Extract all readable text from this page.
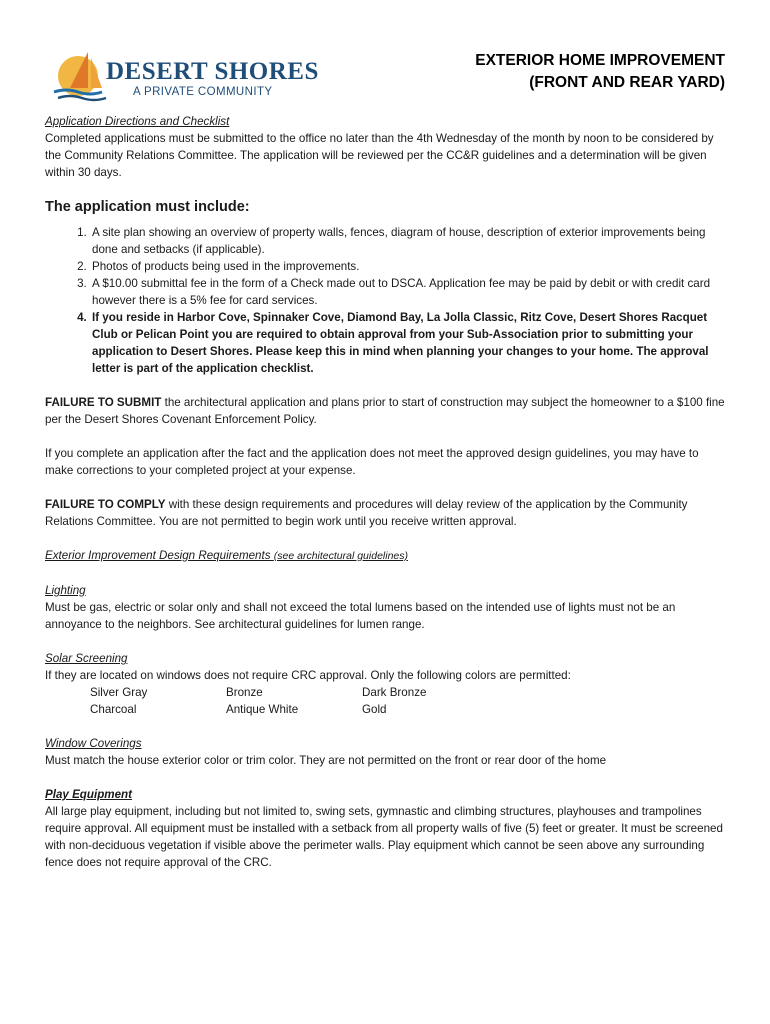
DESERT SHORES
A PRIVATE COMMUNITY
EXTERIOR HOME IMPROVEMENT
(FRONT AND REAR YARD)

Application Directions and Checklist

Completed applications must be submitted to the office no later than the 4th Wednesday of the month by noon to be considered by the Community Relations Committee. The application will be reviewed per the CC&R guidelines and a determination will be given within 30 days.

The application must include:
1. A site plan showing an overview of property walls, fences, diagram of house, description of exterior improvements being done and setbacks (if applicable).
2. Photos of products being used in the improvements.
3. A $10.00 submittal fee in the form of a Check made out to DSCA. Application fee may be paid by debit or with credit card however there is a 5% fee for card services.
4. If you reside in Harbor Cove, Spinnaker Cove, Diamond Bay, La Jolla Classic, Ritz Cove, Desert Shores Racquet Club or Pelican Point you are required to obtain approval from your Sub-Association prior to submitting your application to Desert Shores. Please keep this in mind when planning your changes to your home. The approval letter is part of the application checklist.

FAILURE TO SUBMIT the architectural application and plans prior to start of construction may subject the homeowner to a $100 fine per the Desert Shores Covenant Enforcement Policy.

If you complete an application after the fact and the application does not meet the approved design guidelines, you may have to make corrections to your completed project at your expense.

FAILURE TO COMPLY with these design requirements and procedures will delay review of the application by the Community Relations Committee. You are not permitted to begin work until you receive written approval.

Exterior Improvement Design Requirements (see architectural guidelines)

Lighting

Must be gas, electric or solar only and shall not exceed the total lumens based on the intended use of lights must not be an annoyance to the neighbors. See architectural guidelines for lumen range.

Solar Screening

If they are located on windows does not require CRC approval. Only the following colors are permitted:

Silver Gray	Bronze	Dark Bronze
Charcoal	Antique White	Gold

Window Coverings

Must match the house exterior color or trim color. They are not permitted on the front or rear door of the home

Play Equipment

All large play equipment, including but not limited to, swing sets, gymnastic and climbing structures, playhouses and trampolines require approval. All equipment must be installed with a setback from all property walls of five (5) feet or greater. It must be screened with non-deciduous vegetation if visible above the perimeter walls. Play equipment which cannot be seen above any surrounding fence does not require approval of the CRC.
